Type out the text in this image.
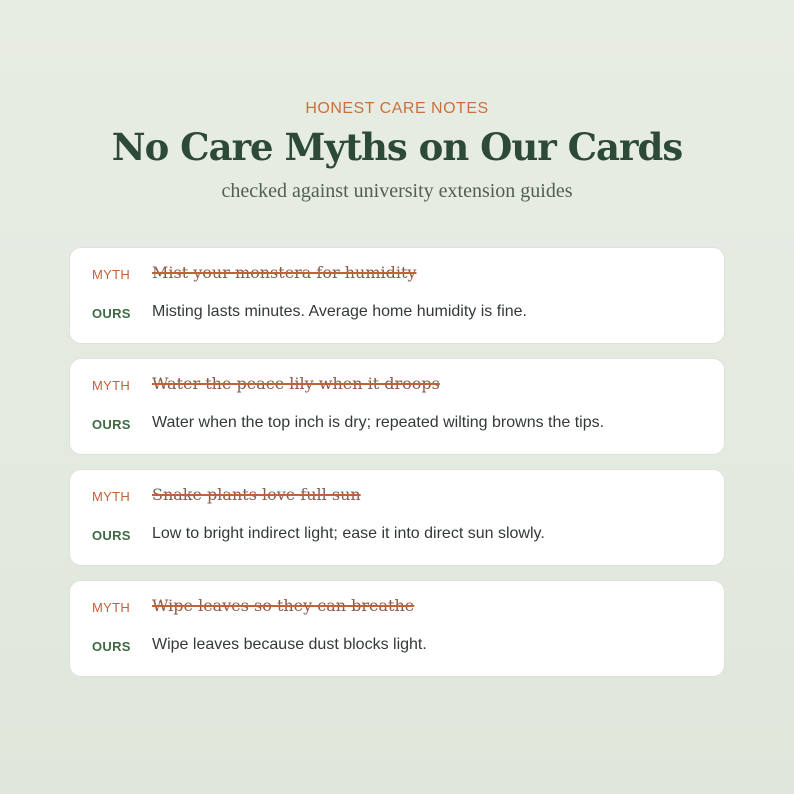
HONEST CARE NOTES
No Care Myths on Our Cards
checked against university extension guides
MYTH Mist your monstera for humidity
OURS Misting lasts minutes. Average home humidity is fine.
MYTH Water the peace lily when it droops
OURS Water when the top inch is dry; repeated wilting browns the tips.
MYTH Snake plants love full sun
OURS Low to bright indirect light; ease it into direct sun slowly.
MYTH Wipe leaves so they can breathe
OURS Wipe leaves because dust blocks light.
